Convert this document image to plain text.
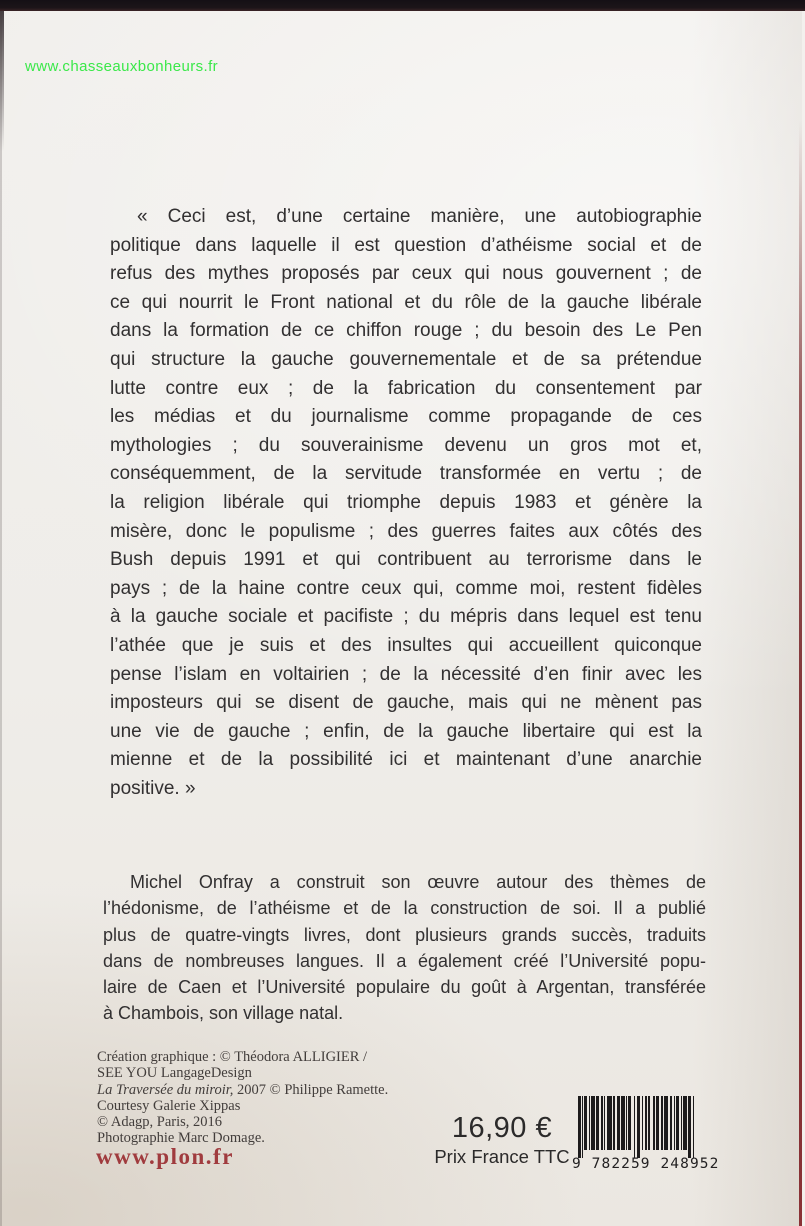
www.chasseauxbonheurs.fr
« Ceci est, d’une certaine manière, une autobiographie
politique dans laquelle il est question d’athéisme social et de
refus des mythes proposés par ceux qui nous gouvernent ; de
ce qui nourrit le Front national et du rôle de la gauche libérale
dans la formation de ce chiffon rouge ; du besoin des Le Pen
qui structure la gauche gouvernementale et de sa prétendue
lutte contre eux ; de la fabrication du consentement par
les médias et du journalisme comme propagande de ces
mythologies ; du souverainisme devenu un gros mot et,
conséquemment, de la servitude transformée en vertu ; de
la religion libérale qui triomphe depuis 1983 et génère la
misère, donc le populisme ; des guerres faites aux côtés des
Bush depuis 1991 et qui contribuent au terrorisme dans le
pays ; de la haine contre ceux qui, comme moi, restent fidèles
à la gauche sociale et pacifiste ; du mépris dans lequel est tenu
l’athée que je suis et des insultes qui accueillent quiconque
pense l’islam en voltairien ; de la nécessité d’en finir avec les
imposteurs qui se disent de gauche, mais qui ne mènent pas
une vie de gauche ; enfin, de la gauche libertaire qui est la
mienne et de la possibilité ici et maintenant d’une anarchie
positive. »
Michel Onfray a construit son œuvre autour des thèmes de
l’hédonisme, de l’athéisme et de la construction de soi. Il a publié
plus de quatre-vingts livres, dont plusieurs grands succès, traduits
dans de nombreuses langues. Il a également créé l’Université popu-
laire de Caen et l’Université populaire du goût à Argentan, transférée
à Chambois, son village natal.
Création graphique : © Théodora ALLIGIER /
SEE YOU LangageDesign
La Traversée du miroir, 2007 © Philippe Ramette.
Courtesy Galerie Xippas
© Adagp, Paris, 2016
Photographie Marc Domage.
www.plon.fr
16,90 €
Prix France TTC 9 782259 248952
